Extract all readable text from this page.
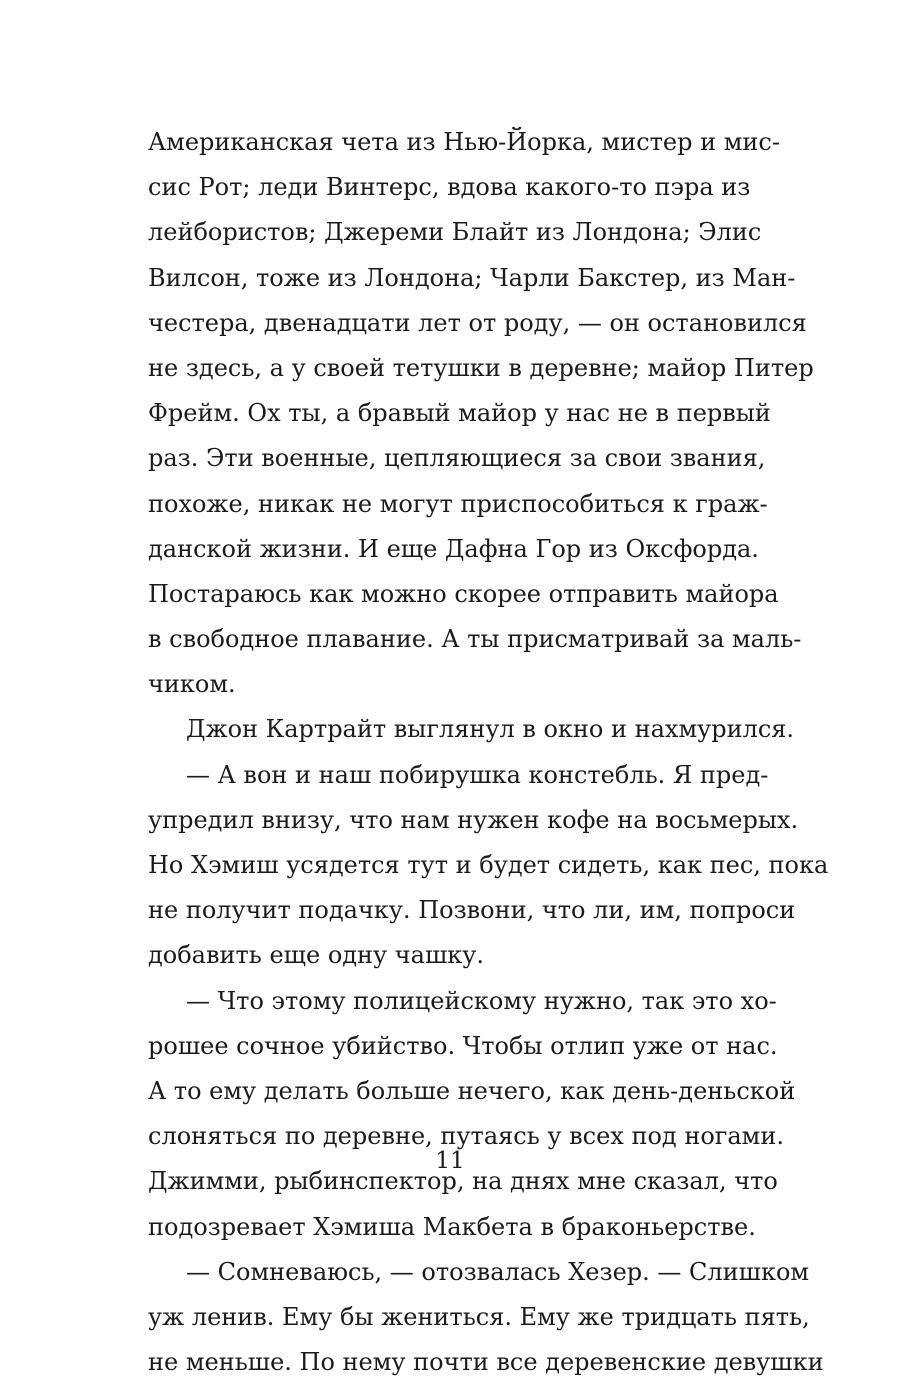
Американская чета из Нью-Йорка, мистер и мис-
сис Рот; леди Винтерс, вдова какого-то пэра из
лейбористов; Джереми Блайт из Лондона; Элис
Вилсон, тоже из Лондона; Чарли Бакстер, из Ман-
честера, двенадцати лет от роду, — он остановился
не здесь, а у своей тетушки в деревне; майор Питер
Фрейм. Ох ты, а бравый майор у нас не в первый
раз. Эти военные, цепляющиеся за свои звания,
похоже, никак не могут приспособиться к граж-
данской жизни. И еще Дафна Гор из Оксфорда.
Постараюсь как можно скорее отправить майора
в свободное плавание. А ты присматривай за маль-
чиком.
Джон Картрайт выглянул в окно и нахмурился.
— А вон и наш побирушка констебль. Я пред-
упредил внизу, что нам нужен кофе на восьмерых.
Но Хэмиш усядется тут и будет сидеть, как пес, пока
не получит подачку. Позвони, что ли, им, попроси
добавить еще одну чашку.
— Что этому полицейскому нужно, так это хо-
рошее сочное убийство. Чтобы отлип уже от нас.
А то ему делать больше нечего, как день-деньской
слоняться по деревне, путаясь у всех под ногами.
Джимми, рыбинспектор, на днях мне сказал, что
подозревает Хэмиша Макбета в браконьерстве.
— Сомневаюсь, — отозвалась Хезер. — Слишком
уж ленив. Ему бы жениться. Ему же тридцать пять,
не меньше. По нему почти все деревенские девушки
11
